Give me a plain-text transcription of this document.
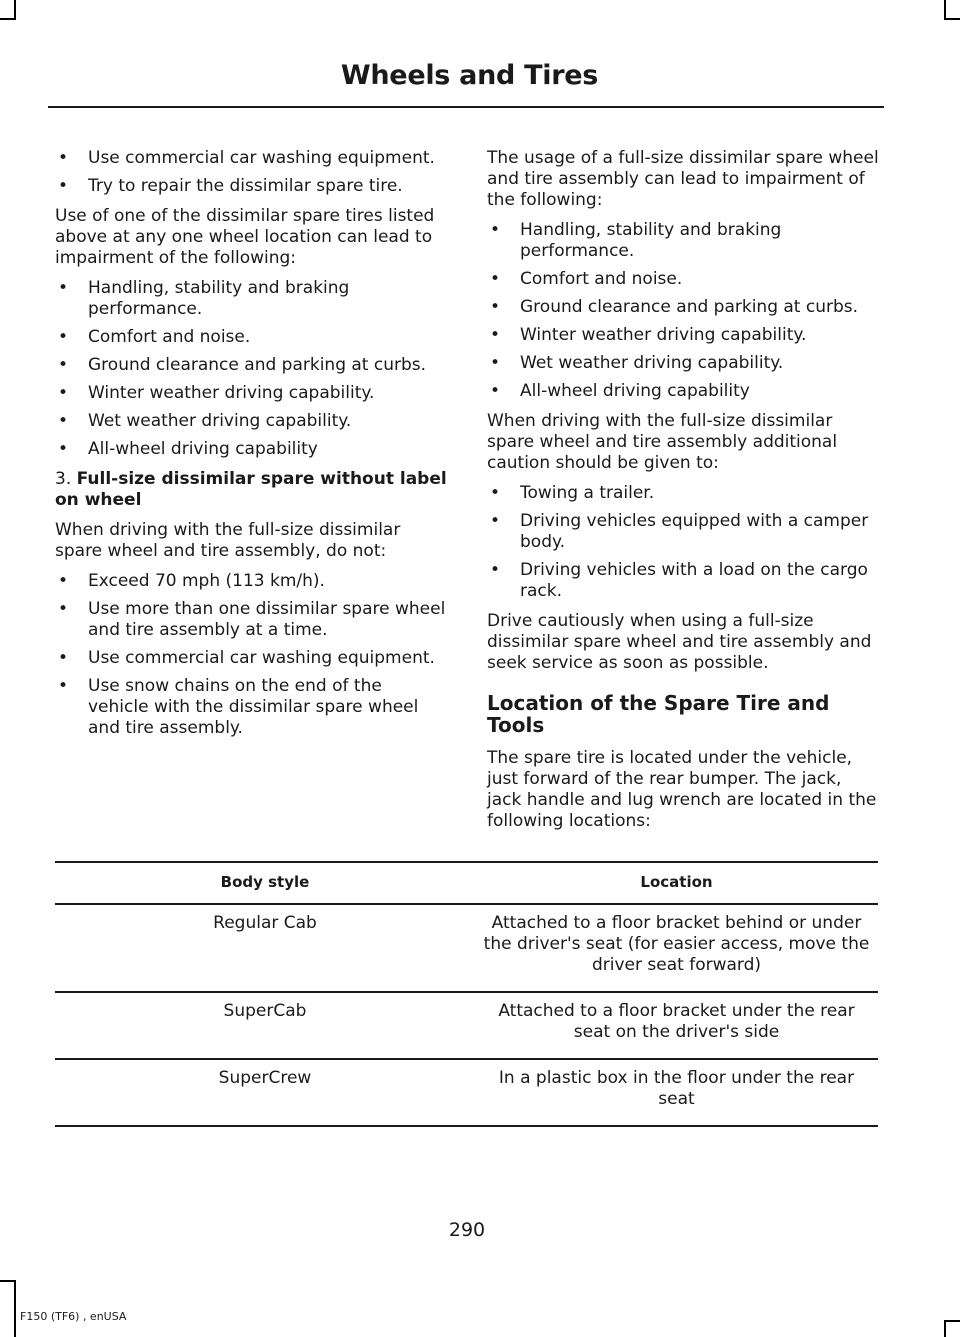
Wheels and Tires
• Use commercial car washing equipment.
• Try to repair the dissimilar spare tire.

Use of one of the dissimilar spare tires listed above at any one wheel location can lead to impairment of the following:

• Handling, stability and braking performance.
• Comfort and noise.
• Ground clearance and parking at curbs.
• Winter weather driving capability.
• Wet weather driving capability.
• All-wheel driving capability

3. Full-size dissimilar spare without label on wheel

When driving with the full-size dissimilar spare wheel and tire assembly, do not:

• Exceed 70 mph (113 km/h).
• Use more than one dissimilar spare wheel and tire assembly at a time.
• Use commercial car washing equipment.
• Use snow chains on the end of the vehicle with the dissimilar spare wheel and tire assembly.

The usage of a full-size dissimilar spare wheel and tire assembly can lead to impairment of the following:

• Handling, stability and braking performance.
• Comfort and noise.
• Ground clearance and parking at curbs.
• Winter weather driving capability.
• Wet weather driving capability.
• All-wheel driving capability

When driving with the full-size dissimilar spare wheel and tire assembly additional caution should be given to:

• Towing a trailer.
• Driving vehicles equipped with a camper body.
• Driving vehicles with a load on the cargo rack.

Drive cautiously when using a full-size dissimilar spare wheel and tire assembly and seek service as soon as possible.

Location of the Spare Tire and Tools

The spare tire is located under the vehicle, just forward of the rear bumper. The jack, jack handle and lug wrench are located in the following locations:

Body style	Location
Regular Cab	Attached to a floor bracket behind or under the driver's seat (for easier access, move the driver seat forward)
SuperCab	Attached to a floor bracket under the rear seat on the driver's side
SuperCrew	In a plastic box in the floor under the rear seat
290
F150 (TF6) , enUSA
